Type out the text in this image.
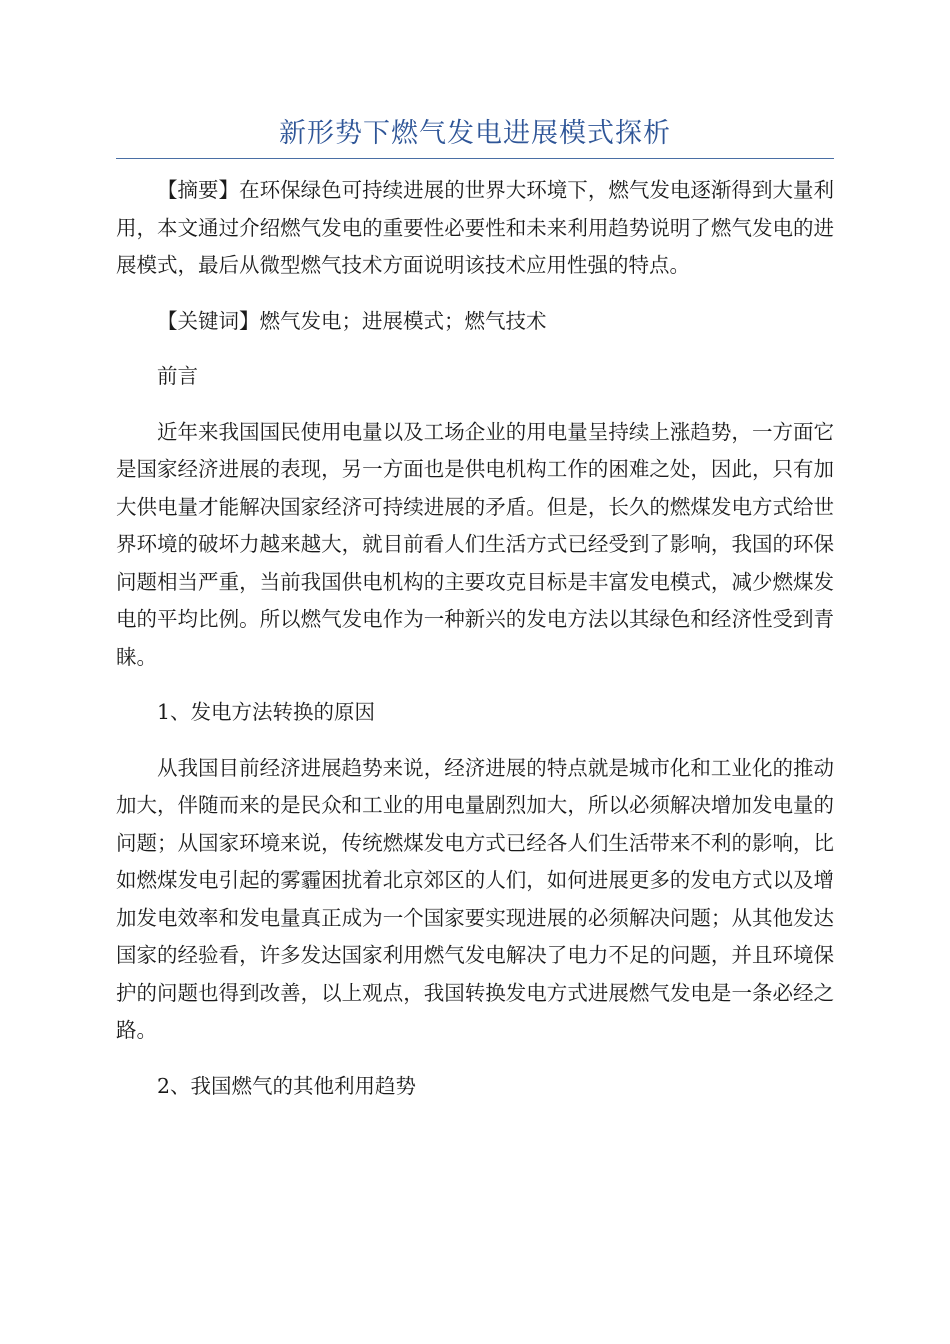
新形势下燃气发电进展模式探析

【摘要】在环保绿色可持续进展的世界大环境下，燃气发电逐渐得到大量利用，本文通过介绍燃气发电的重要性必要性和未来利用趋势说明了燃气发电的进展模式，最后从微型燃气技术方面说明该技术应用性强的特点。

【关键词】燃气发电；进展模式；燃气技术

前言

近年来我国国民使用电量以及工场企业的用电量呈持续上涨趋势，一方面它是国家经济进展的表现，另一方面也是供电机构工作的困难之处，因此，只有加大供电量才能解决国家经济可持续进展的矛盾。但是，长久的燃煤发电方式给世界环境的破坏力越来越大，就目前看人们生活方式已经受到了影响，我国的环保问题相当严重，当前我国供电机构的主要攻克目标是丰富发电模式，减少燃煤发电的平均比例。所以燃气发电作为一种新兴的发电方法以其绿色和经济性受到青睐。

1、发电方法转换的原因

从我国目前经济进展趋势来说，经济进展的特点就是城市化和工业化的推动加大，伴随而来的是民众和工业的用电量剧烈加大，所以必须解决增加发电量的问题；从国家环境来说，传统燃煤发电方式已经各人们生活带来不利的影响，比如燃煤发电引起的雾霾困扰着北京郊区的人们，如何进展更多的发电方式以及增加发电效率和发电量真正成为一个国家要实现进展的必须解决问题；从其他发达国家的经验看，许多发达国家利用燃气发电解决了电力不足的问题，并且环境保护的问题也得到改善，以上观点，我国转换发电方式进展燃气发电是一条必经之路。

2、我国燃气的其他利用趋势
